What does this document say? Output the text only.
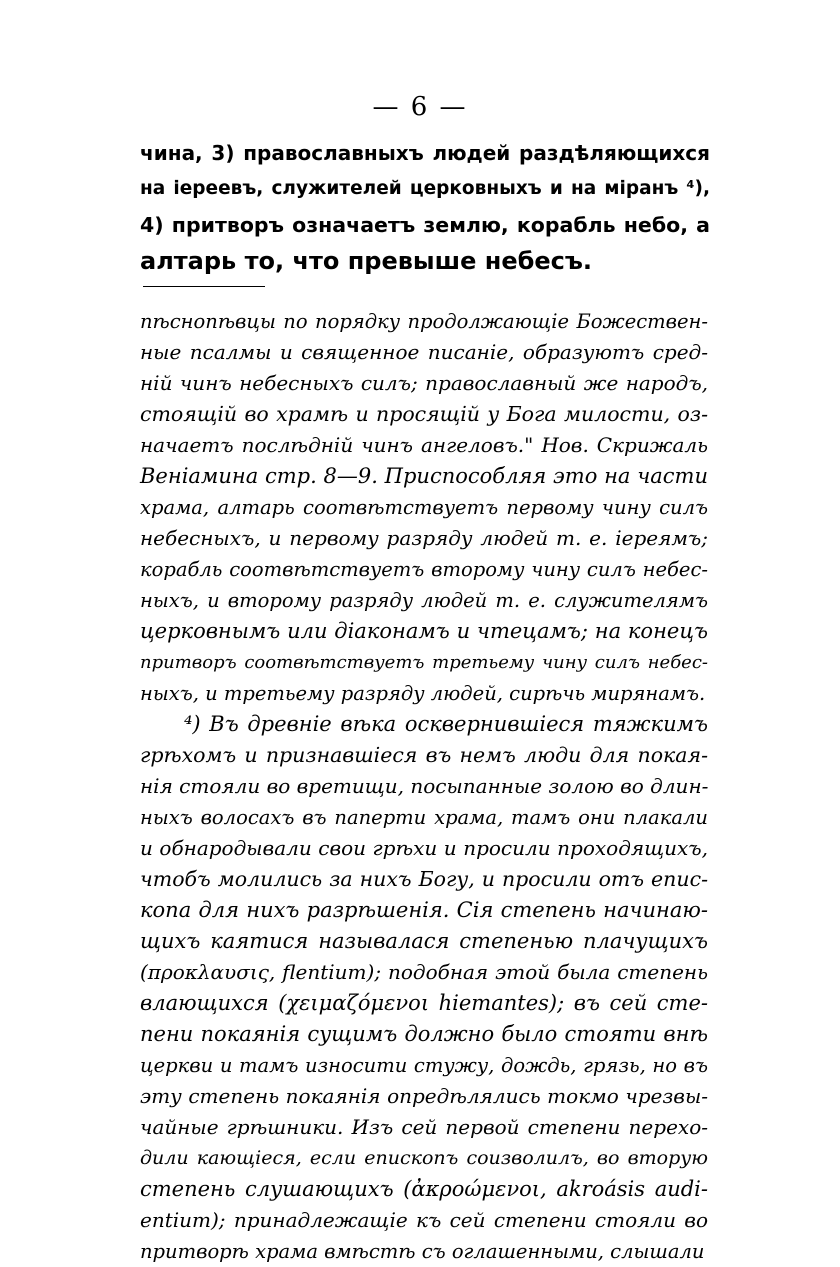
— 6 —
чина, 3) православныхъ людей раздѣляющихся
на іереевъ, служителей церковныхъ и на міранъ ⁴),
4) притворъ означаетъ землю, корабль небо, а
алтарь то, что превыше небесъ.
пѣснопѣвцы по порядку продолжающіе Божествен-
ные псалмы и священное писаніе, образуютъ сред-
ній чинъ небесныхъ силъ; православный же народъ,
стоящій во храмѣ и просящій у Бога милости, оз-
начаетъ послѣдній чинъ ангеловъ." Нов. Скрижаль
Веніамина стр. 8—9. Приспособляя это на части
храма, алтарь соотвѣтствуетъ первому чину силъ
небесныхъ, и первому разряду людей т. е. іереямъ;
корабль соотвѣтствуетъ второму чину силъ небес-
ныхъ, и второму разряду людей т. е. служителямъ
церковнымъ или діаконамъ и чтецамъ; на конецъ
притворъ соотвѣтствуетъ третьему чину силъ небес-
ныхъ, и третьему разряду людей, сирѣчь мирянамъ.
⁴) Въ древніе вѣка осквернившіеся тяжкимъ
грѣхомъ и признавшіеся въ немъ люди для покая-
нія стояли во вретищи, посыпанные золою во длин-
ныхъ волосахъ въ паперти храма, тамъ они плакали
и обнародывали свои грѣхи и просили проходящихъ,
чтобъ молились за нихъ Богу, и просили отъ епис-
копа для нихъ разрѣшенія. Сія степень начинаю-
щихъ каятися называлася степенью плачущихъ
(προκλαυσις, flentium); подобная этой была степень
влающихся (χειμαζόμενοι hiemantes); въ сей сте-
пени покаянія сущимъ должно было стояти внѣ
церкви и тамъ износити стужу, дождь, грязь, но въ
эту степень покаянія опредѣлялись токмо чрезвы-
чайные грѣшники. Изъ сей первой степени перехо-
дили кающіеся, если епископъ соизволилъ, во вторую
степень слушающихъ (ἀκροώμενοι, akroásis audi-
entium); принадлежащіе къ сей степени стояли во
притворѣ храма вмѣстѣ съ оглашенными, слышали
